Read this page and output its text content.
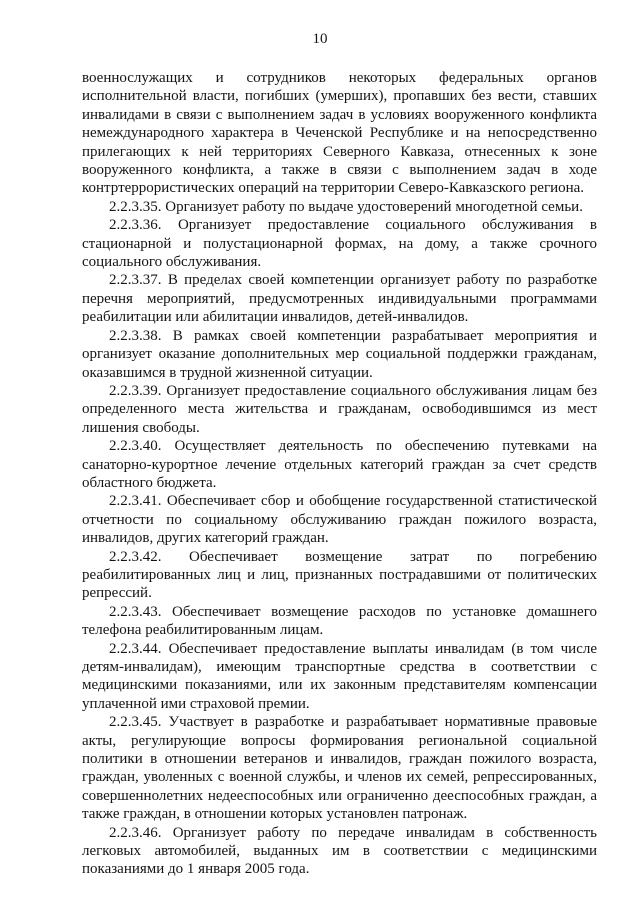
10

военнослужащих и сотрудников некоторых федеральных органов исполнительной власти, погибших (умерших), пропавших без вести, ставших инвалидами в связи с выполнением задач в условиях вооруженного конфликта немеждународного характера в Чеченской Республике и на непосредственно прилегающих к ней территориях Северного Кавказа, отнесенных к зоне вооруженного конфликта, а также в связи с выполнением задач в ходе контртеррористических операций на территории Северо-Кавказского региона.

2.2.3.35. Организует работу по выдаче удостоверений многодетной семьи.

2.2.3.36. Организует предоставление социального обслуживания в стационарной и полустационарной формах, на дому, а также срочного социального обслуживания.

2.2.3.37. В пределах своей компетенции организует работу по разработке перечня мероприятий, предусмотренных индивидуальными программами реабилитации или абилитации инвалидов, детей-инвалидов.

2.2.3.38. В рамках своей компетенции разрабатывает мероприятия и организует оказание дополнительных мер социальной поддержки гражданам, оказавшимся в трудной жизненной ситуации.

2.2.3.39. Организует предоставление социального обслуживания лицам без определенного места жительства и гражданам, освободившимся из мест лишения свободы.

2.2.3.40. Осуществляет деятельность по обеспечению путевками на санаторно-курортное лечение отдельных категорий граждан за счет средств областного бюджета.

2.2.3.41. Обеспечивает сбор и обобщение государственной статистической отчетности по социальному обслуживанию граждан пожилого возраста, инвалидов, других категорий граждан.

2.2.3.42. Обеспечивает возмещение затрат по погребению реабилитированных лиц и лиц, признанных пострадавшими от политических репрессий.

2.2.3.43. Обеспечивает возмещение расходов по установке домашнего телефона реабилитированным лицам.

2.2.3.44. Обеспечивает предоставление выплаты инвалидам (в том числе детям-инвалидам), имеющим транспортные средства в соответствии с медицинскими показаниями, или их законным представителям компенсации уплаченной ими страховой премии.

2.2.3.45. Участвует в разработке и разрабатывает нормативные правовые акты, регулирующие вопросы формирования региональной социальной политики в отношении ветеранов и инвалидов, граждан пожилого возраста, граждан, уволенных с военной службы, и членов их семей, репрессированных, совершеннолетних недееспособных или ограниченно дееспособных граждан, а также граждан, в отношении которых установлен патронаж.

2.2.3.46. Организует работу по передаче инвалидам в собственность легковых автомобилей, выданных им в соответствии с медицинскими показаниями до 1 января 2005 года.
